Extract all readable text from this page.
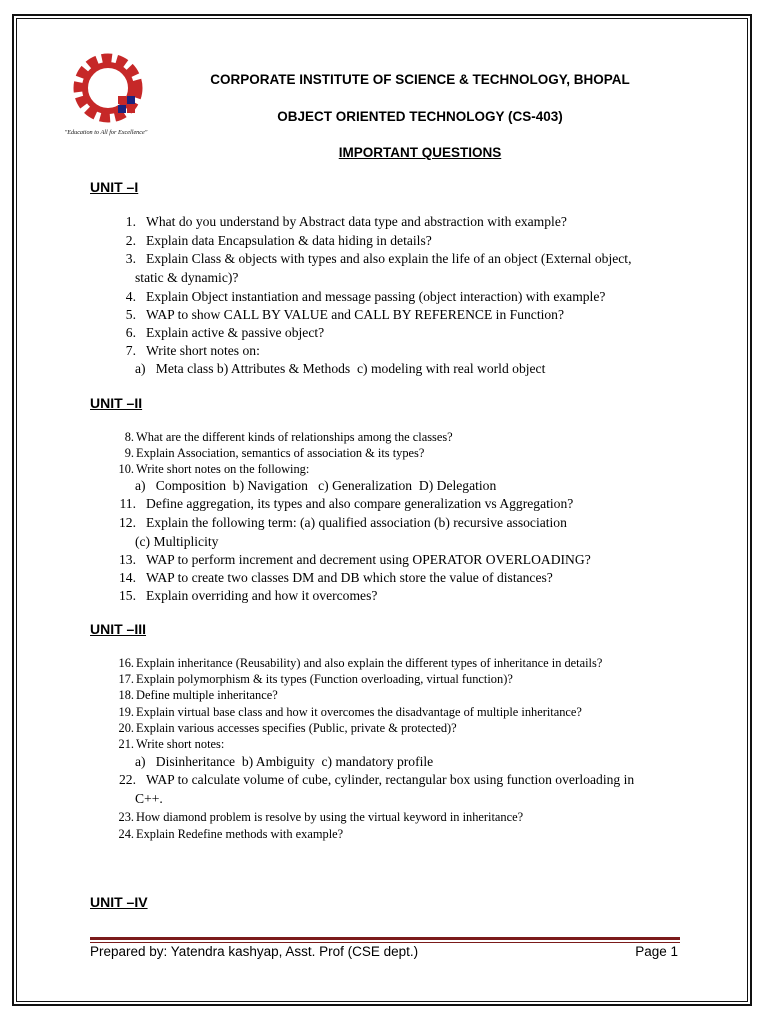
"Education to All for Excellence"
CORPORATE INSTITUTE OF SCIENCE & TECHNOLOGY, BHOPAL
OBJECT ORIENTED TECHNOLOGY (CS-403)
IMPORTANT QUESTIONS
UNIT –I
1. What do you understand by Abstract data type and abstraction with example?
2. Explain data Encapsulation & data hiding in details?
3. Explain Class & objects with types and also explain the life of an object (External object,
static & dynamic)?
4. Explain Object instantiation and message passing (object interaction) with example?
5. WAP to show CALL BY VALUE and CALL BY REFERENCE in Function?
6. Explain active & passive object?
7. Write short notes on:
a)   Meta class b) Attributes & Methods  c) modeling with real world object
UNIT –II
8. What are the different kinds of relationships among the classes?
9. Explain Association, semantics of association & its types?
10. Write short notes on the following:
a)   Composition  b) Navigation   c) Generalization  D) Delegation
11. Define aggregation, its types and also compare generalization vs Aggregation?
12. Explain the following term: (a) qualified association (b) recursive association
(c) Multiplicity
13. WAP to perform increment and decrement using OPERATOR OVERLOADING?
14. WAP to create two classes DM and DB which store the value of distances?
15. Explain overriding and how it overcomes?
UNIT –III
16. Explain inheritance (Reusability) and also explain the different types of inheritance in details?
17. Explain polymorphism & its types (Function overloading, virtual function)?
18. Define multiple inheritance?
19. Explain virtual base class and how it overcomes the disadvantage of multiple inheritance?
20. Explain various accesses specifies (Public, private & protected)?
21. Write short notes:
a)   Disinheritance  b) Ambiguity  c) mandatory profile
22. WAP to calculate volume of cube, cylinder, rectangular box using function overloading in
C++.
23. How diamond problem is resolve by using the virtual keyword in inheritance?
24. Explain Redefine methods with example?
UNIT –IV
Prepared by: Yatendra kashyap, Asst. Prof (CSE dept.)	Page 1
